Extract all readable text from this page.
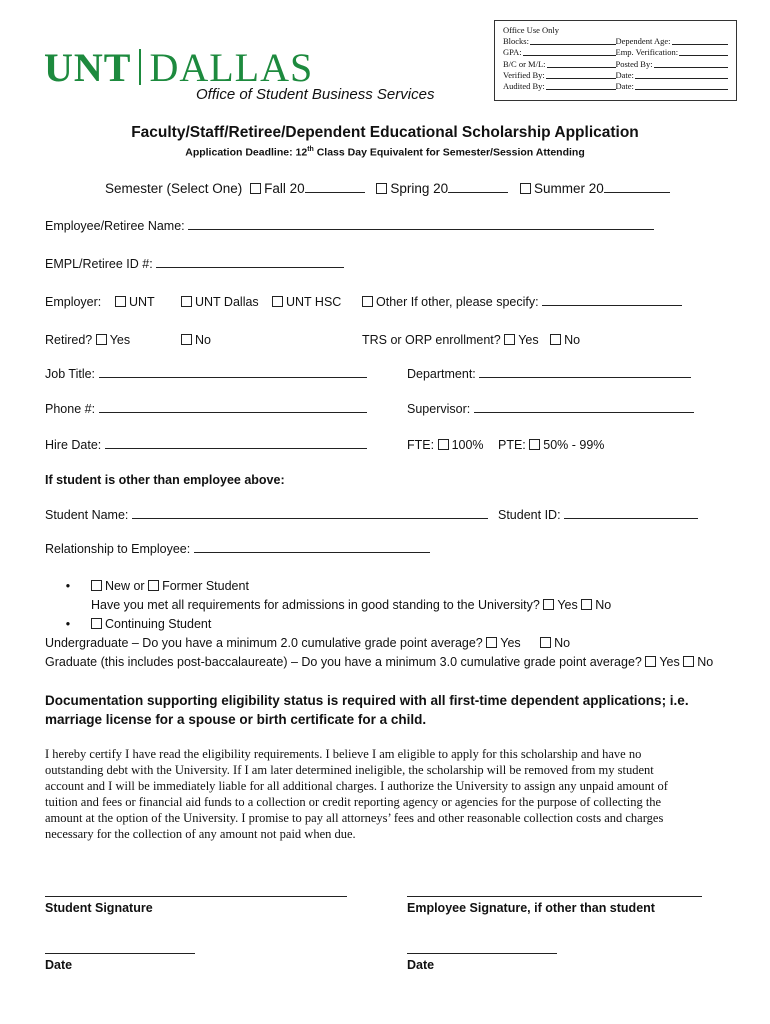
UNT DALLAS
Office of Student Business Services
Office Use Only
Blocks:	Dependent Age:
GPA:	Emp. Verification:
B/C or M/L:	Posted By:
Verified By:	Date:
Audited By:	Date:
Faculty/Staff/Retiree/Dependent Educational Scholarship Application
Application Deadline: 12th Class Day Equivalent for Semester/Session Attending
Semester (Select One) Fall 20	Spring 20	Summer 20
Employee/Retiree Name:
EMPL/Retiree ID #:
Employer:	UNT	UNT Dallas	UNT HSC	Other If other, please specify:
Retired? Yes	No	TRS or ORP enrollment? Yes No
Job Title:	Department:
Phone #:	Supervisor:
Hire Date:	FTE: 100% PTE: 50% - 99%
If student is other than employee above:
Student Name:	Student ID:
Relationship to Employee:
•	New or Former Student
Have you met all requirements for admissions in good standing to the University? Yes No
•	Continuing Student
Undergraduate – Do you have a minimum 2.0 cumulative grade point average? Yes	No
Graduate (this includes post-baccalaureate) – Do you have a minimum 3.0 cumulative grade point average? Yes No
Documentation supporting eligibility status is required with all first-time dependent applications; i.e. marriage license for a spouse or birth certificate for a child.
I hereby certify I have read the eligibility requirements. I believe I am eligible to apply for this scholarship and have no outstanding debt with the University. If I am later determined ineligible, the scholarship will be removed from my student account and I will be immediately liable for all additional charges. I authorize the University to assign any unpaid amount of tuition and fees or financial aid funds to a collection or credit reporting agency or agencies for the purpose of collecting the amount at the option of the University. I promise to pay all attorneys’ fees and other reasonable collection costs and charges necessary for the collection of any amount not paid when due.
Student Signature	Employee Signature, if other than student
Date	Date
